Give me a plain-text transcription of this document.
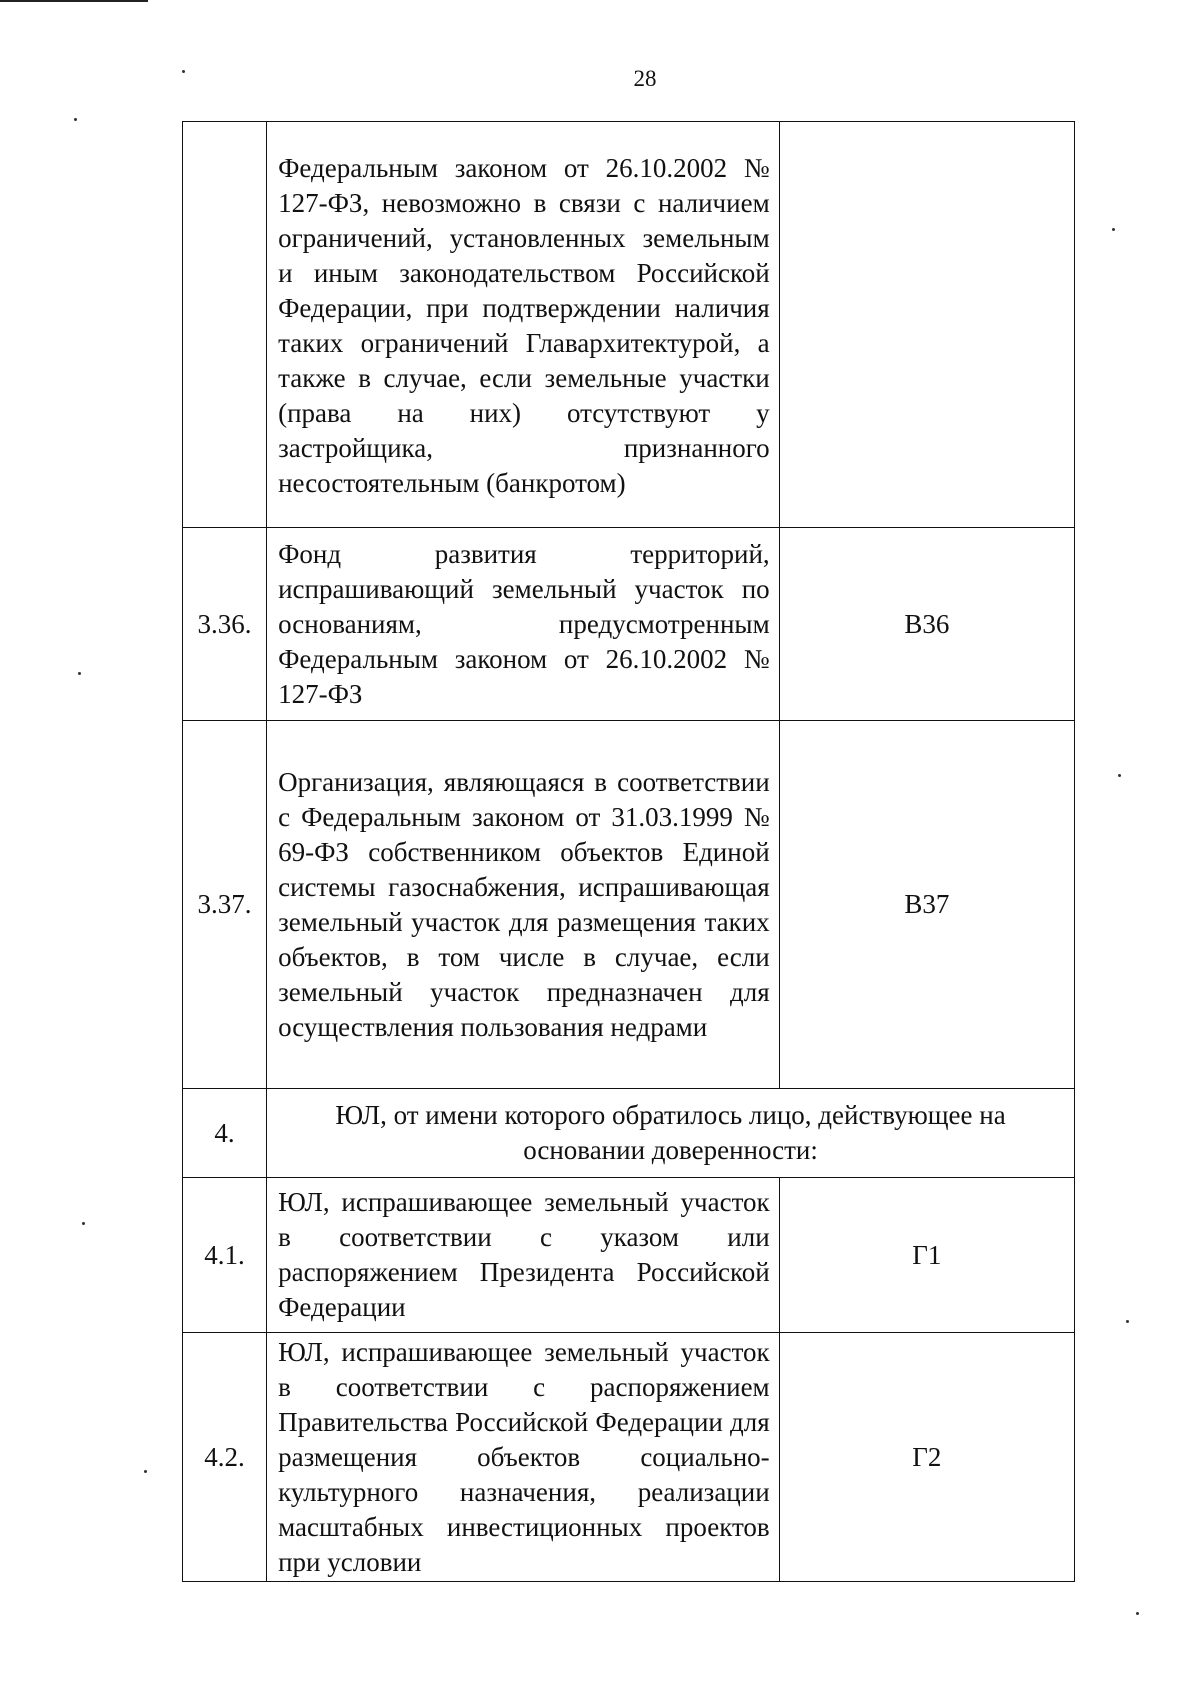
28

	Федеральным законом от 26.10.2002 № 127-ФЗ, невозможно в связи с наличием ограничений, установленных земельным и иным законодательством Российской Федерации, при подтверждении наличия таких ограничений Главархитектурой, а также в случае, если земельные участки (права на них) отсутствуют у застройщика, признанного несостоятельным (банкротом)	

3.36.	Фонд развития территорий, испрашивающий земельный участок по основаниям, предусмотренным Федеральным законом от 26.10.2002 № 127-ФЗ	В36
3.37.	Организация, являющаяся в соответствии с Федеральным законом от 31.03.1999 № 69-ФЗ собственником объектов Единой системы газоснабжения, испрашивающая земельный участок для размещения таких объектов, в том числе в случае, если земельный участок предназначен для осуществления пользования недрами	В37
4.	ЮЛ, от имени которого обратилось лицо, действующее на основании доверенности:	
4.1.	ЮЛ, испрашивающее земельный участок в соответствии с указом или распоряжением Президента Российской Федерации	Г1
4.2.	ЮЛ, испрашивающее земельный участок в соответствии с распоряжением Правительства Российской Федерации для размещения объектов социально-культурного назначения, реализации масштабных инвестиционных проектов при условии	Г2
